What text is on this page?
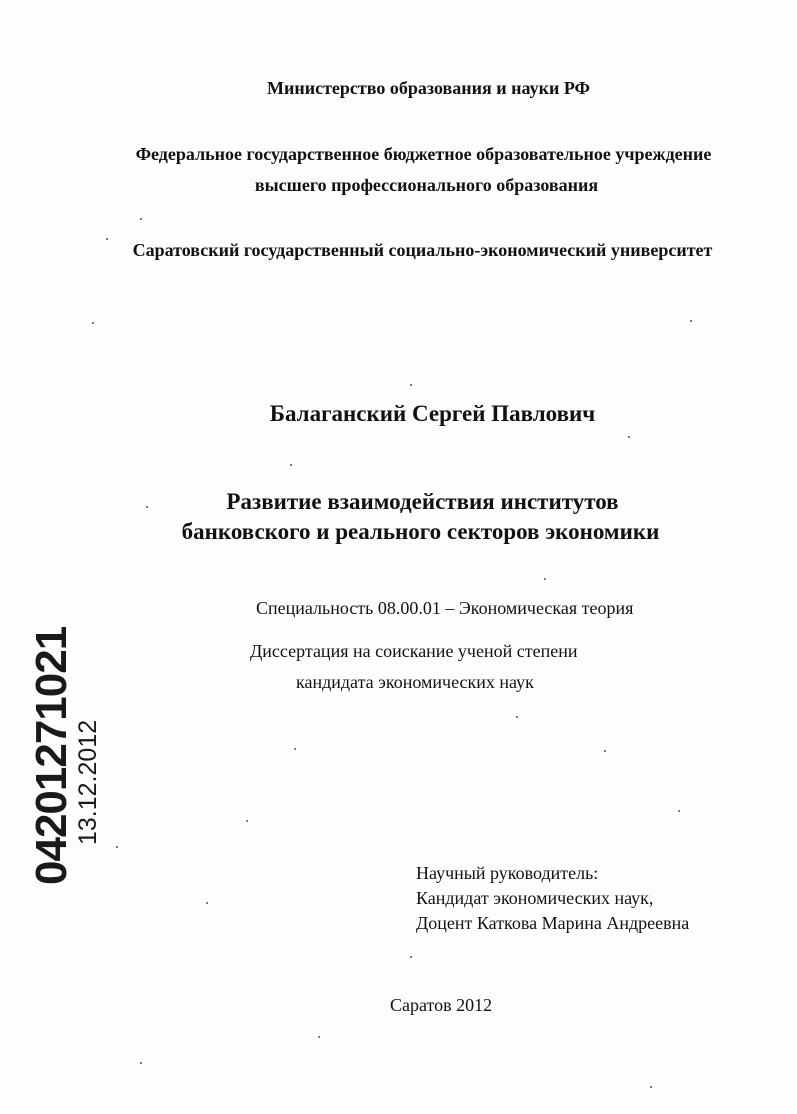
Министерство образования и науки РФ

Федеральное государственное бюджетное образовательное учреждение

высшего профессионального образования

Саратовский государственный социально-экономический университет

Балаганский Сергей Павлович

Развитие взаимодействия институтов

банковского и реального секторов экономики

Специальность 08.00.01 – Экономическая теория

Диссертация на соискание ученой степени

кандидата экономических наук

Научный руководитель:

Кандидат экономических наук,

Доцент Каткова Марина Андреевна

Саратов 2012

04201271021
13.12.2012
